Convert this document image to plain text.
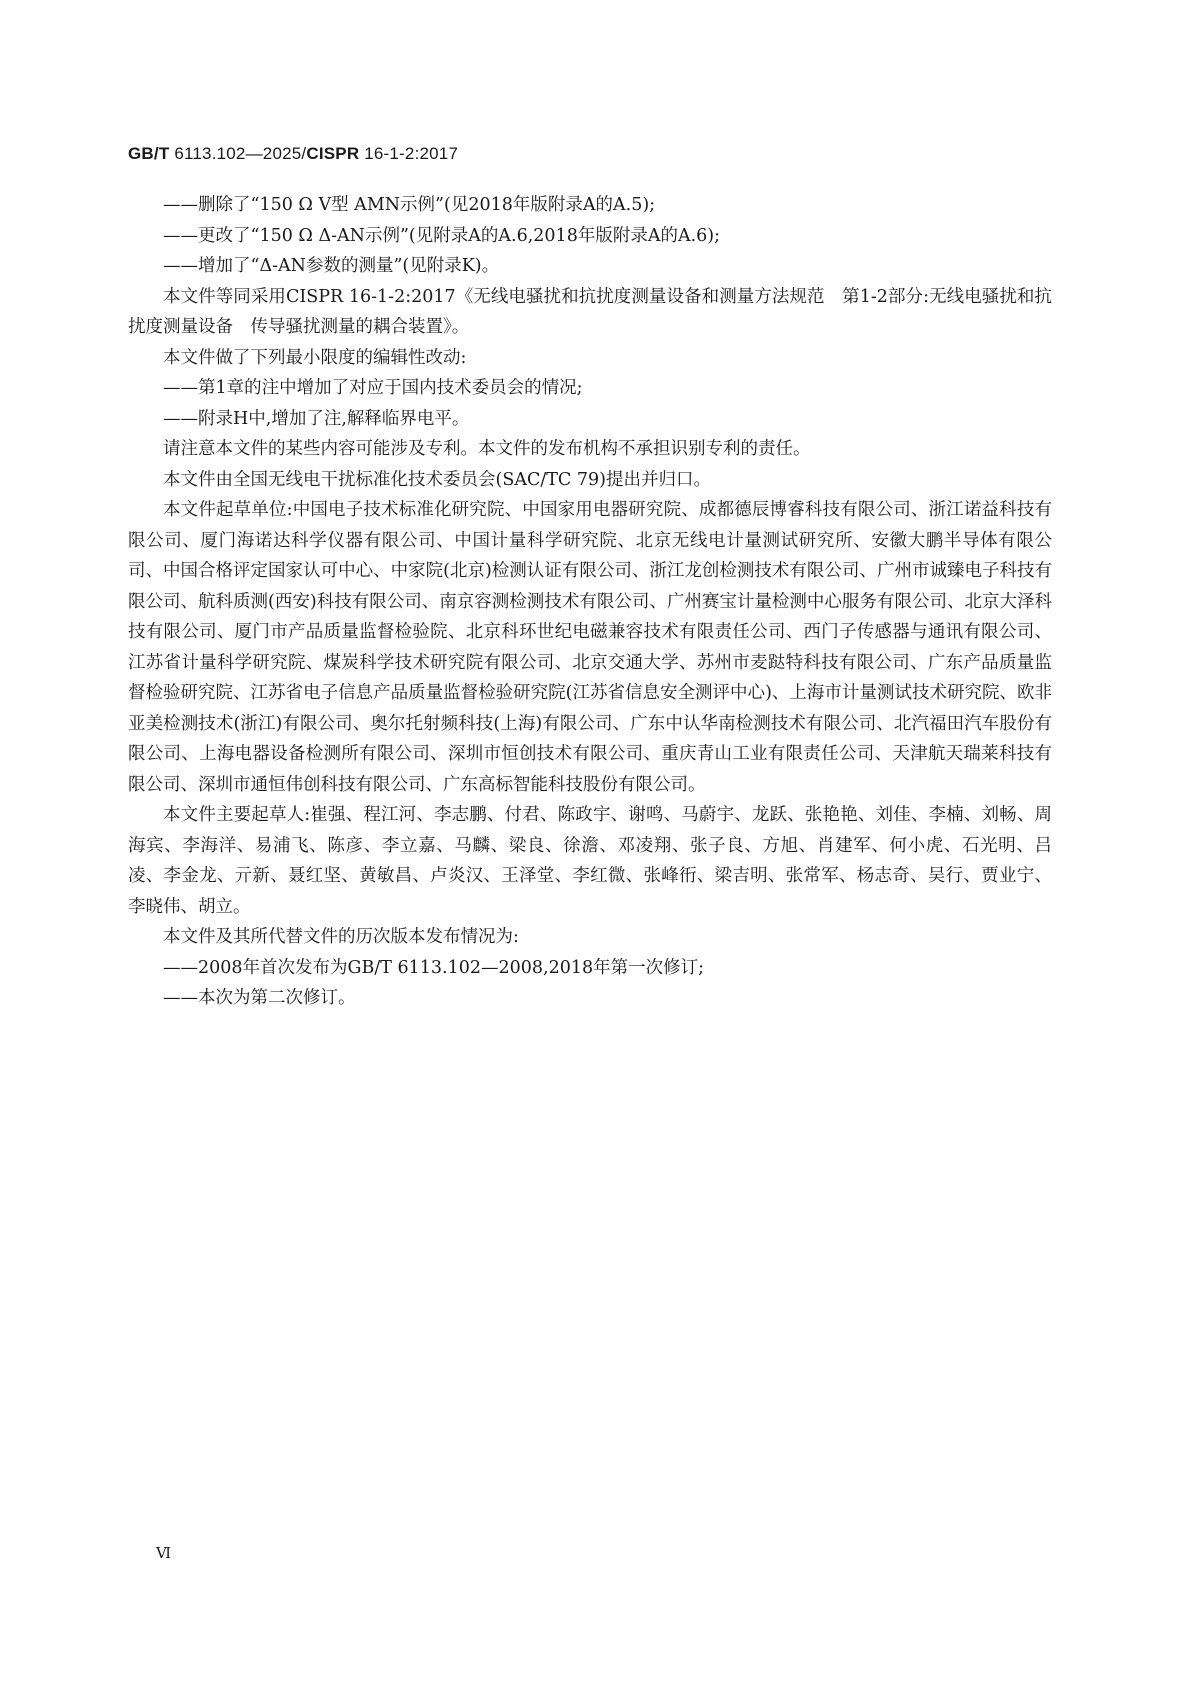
GB/T 6113.102—2025/CISPR 16-1-2:2017

——删除了“150 Ω V型 AMN示例”(见2018年版附录A的A.5);

——更改了“150 Ω Δ-AN示例”(见附录A的A.6,2018年版附录A的A.6);

——增加了“Δ-AN参数的测量”(见附录K)。

本文件等同采用CISPR 16-1-2:2017《无线电骚扰和抗扰度测量设备和测量方法规范　第1-2部分:无线电骚扰和抗扰度测量设备　传导骚扰测量的耦合装置》。

本文件做了下列最小限度的编辑性改动:

——第1章的注中增加了对应于国内技术委员会的情况;

——附录H中,增加了注,解释临界电平。

请注意本文件的某些内容可能涉及专利。本文件的发布机构不承担识别专利的责任。

本文件由全国无线电干扰标准化技术委员会(SAC/TC 79)提出并归口。

本文件起草单位:中国电子技术标准化研究院、中国家用电器研究院、成都德辰博睿科技有限公司、浙江诺益科技有限公司、厦门海诺达科学仪器有限公司、中国计量科学研究院、北京无线电计量测试研究所、安徽大鹏半导体有限公司、中国合格评定国家认可中心、中家院(北京)检测认证有限公司、浙江龙创检测技术有限公司、广州市诚臻电子科技有限公司、航科质测(西安)科技有限公司、南京容测检测技术有限公司、广州赛宝计量检测中心服务有限公司、北京大泽科技有限公司、厦门市产品质量监督检验院、北京科环世纪电磁兼容技术有限责任公司、西门子传感器与通讯有限公司、江苏省计量科学研究院、煤炭科学技术研究院有限公司、北京交通大学、苏州市麦跶特科技有限公司、广东产品质量监督检验研究院、江苏省电子信息产品质量监督检验研究院(江苏省信息安全测评中心)、上海市计量测试技术研究院、欧非亚美检测技术(浙江)有限公司、奥尔托射频科技(上海)有限公司、广东中认华南检测技术有限公司、北汽福田汽车股份有限公司、上海电器设备检测所有限公司、深圳市恒创技术有限公司、重庆青山工业有限责任公司、天津航天瑞莱科技有限公司、深圳市通恒伟创科技有限公司、广东高标智能科技股份有限公司。

本文件主要起草人:崔强、程江河、李志鹏、付君、陈政宇、谢鸣、马蔚宇、龙跃、张艳艳、刘佳、李楠、刘畅、周海宾、李海洋、易浦飞、陈彦、李立嘉、马麟、梁良、徐澹、邓凌翔、张子良、方旭、肖建军、何小虎、石光明、吕凌、李金龙、亓新、聂红坚、黄敏昌、卢炎汉、王泽堂、李红微、张峰衎、梁吉明、张常军、杨志奇、吴行、贾业宁、李晓伟、胡立。

本文件及其所代替文件的历次版本发布情况为:

——2008年首次发布为GB/T 6113.102—2008,2018年第一次修订;

——本次为第二次修订。

Ⅵ
